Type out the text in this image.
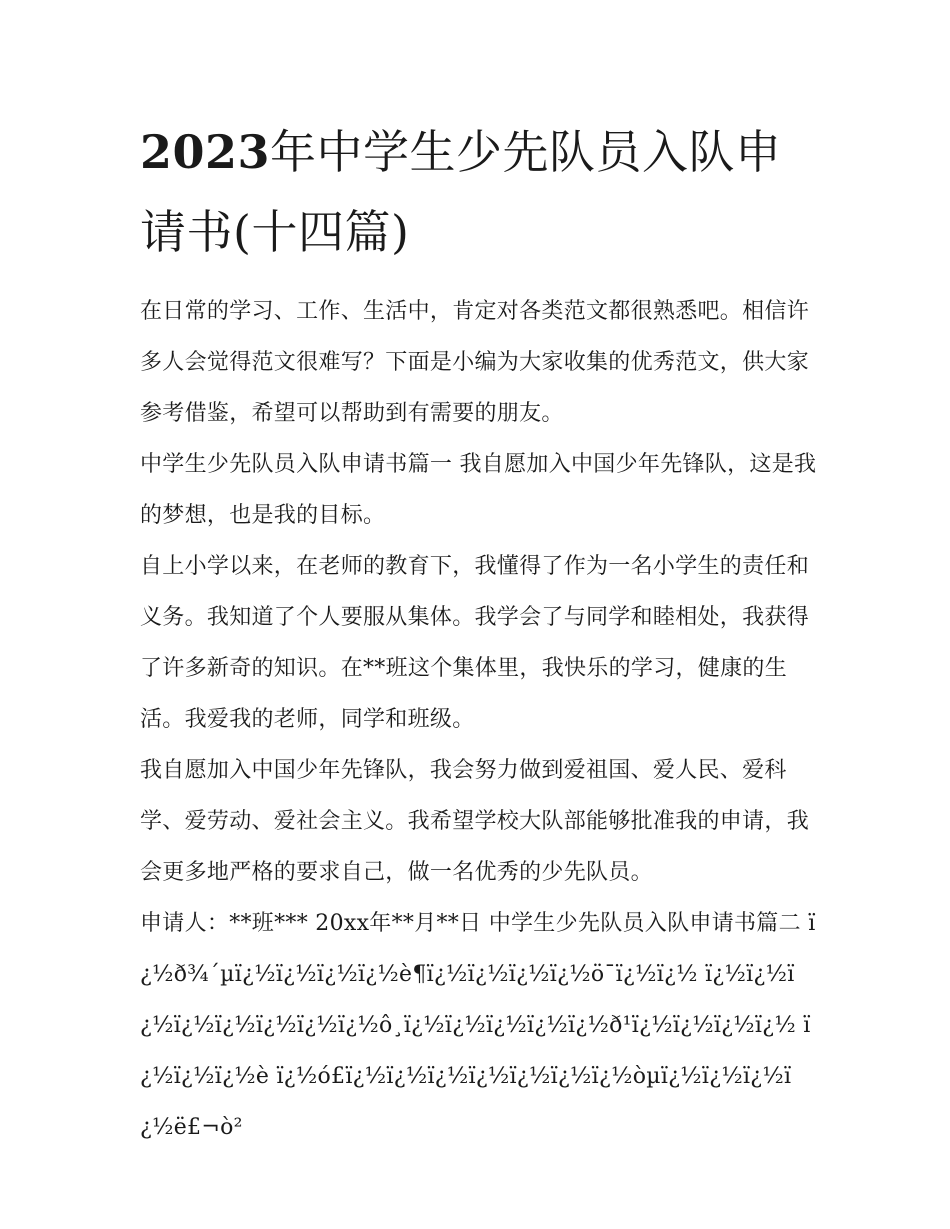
2023年中学生少先队员入队申请书(十四篇)

在日常的学习、工作、生活中，肯定对各类范文都很熟悉吧。相信许多人会觉得范文很难写？下面是小编为大家收集的优秀范文，供大家参考借鉴，希望可以帮助到有需要的朋友。

中学生少先队员入队申请书篇一 我自愿加入中国少年先锋队，这是我的梦想，也是我的目标。

自上小学以来，在老师的教育下，我懂得了作为一名小学生的责任和义务。我知道了个人要服从集体。我学会了与同学和睦相处，我获得了许多新奇的知识。在**班这个集体里，我快乐的学习，健康的生活。我爱我的老师，同学和班级。

我自愿加入中国少年先锋队，我会努力做到爱祖国、爱人民、爱科学、爱劳动、爱社会主义。我希望学校大队部能够批准我的申请，我会更多地严格的要求自己，做一名优秀的少先队员。

申请人：**班*** 20xx年**月**日 中学生少先队员入队申请书篇二 ï¿½ð¾´µï¿½ï¿½ï¿½ï¿½è¶ï¿½ï¿½ï¿½ï¿½ö¯ï¿½ï¿½ ï¿½ï¿½ï¿½ï¿½ï¿½ï¿½ï¿½ï¿½ô¸ï¿½ï¿½ï¿½ï¿½ï¿½ð¹ï¿½ï¿½ï¿½ï¿½ ï¿½ï¿½ï¿½è ï¿½ó£ï¿½ï¿½ï¿½ï¿½ï¿½ï¿½ï¿½òµï¿½ï¿½ï¿½ï¿½ë£¬ò²
